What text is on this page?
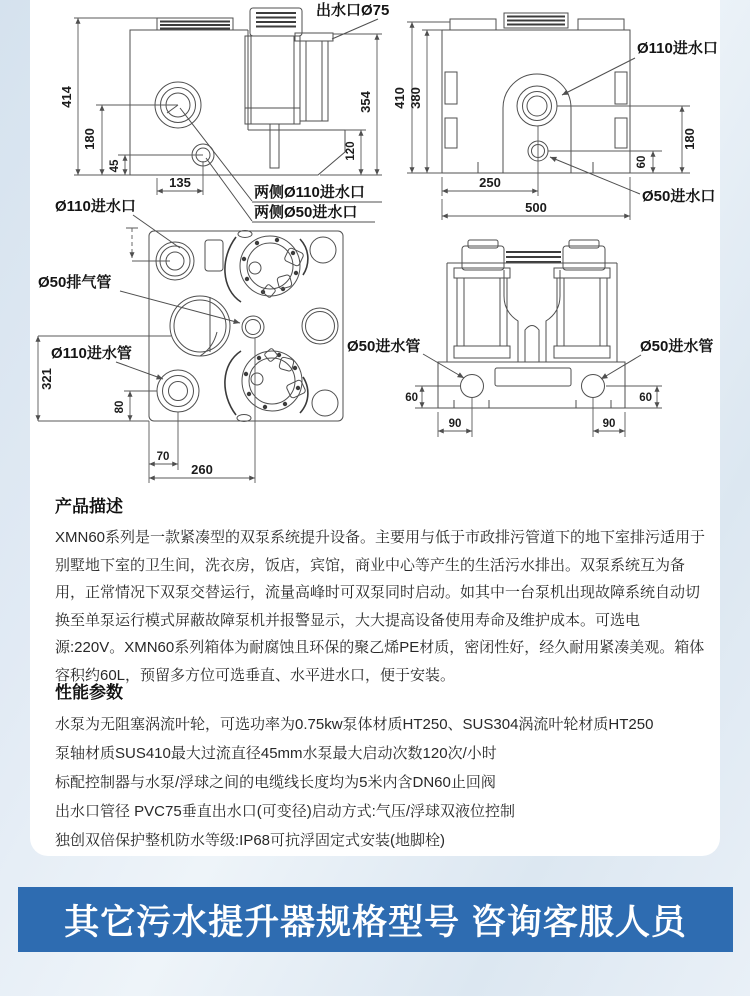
414
180
45
135
354
120
出水口Ø75
两侧Ø110进水口
两侧Ø50进水口
Ø110进水口
410 380
180
60
250
500
Ø110进水口
Ø50进水口
321
80
70
260
Ø50排气管
Ø110进水管
60
90
60
90
Ø50进水管	Ø50进水管
产品描述

XMN60系列是一款紧凑型的双泵系统提升设备。主要用与低于市政排污管道下的地下室排污适用于别墅地下室的卫生间，洗衣房，饭店，宾馆，商业中心等产生的生活污水排出。双泵系统互为备用，正常情况下双泵交替运行，流量高峰时可双泵同时启动。如其中一台泵机出现故障系统自动切换至单泵运行模式屏蔽故障泵机并报警显示，大大提高设备使用寿命及维护成本。可选电源:220V。XMN60系列箱体为耐腐蚀且环保的聚乙烯PE材质，密闭性好，经久耐用紧凑美观。箱体容积约60L，预留多方位可选垂直、水平进水口，便于安装。

性能参数
水泵为无阻塞涡流叶轮，可选功率为0.75kw泵体材质HT250、SUS304涡流叶轮材质HT250
泵轴材质SUS410最大过流直径45mm水泵最大启动次数120次/小时
标配控制器与水泵/浮球之间的电缆线长度均为5米内含DN60止回阀
出水口管径 PVC75垂直出水口(可变径)启动方式:气压/浮球双液位控制
独创双倍保护整机防水等级:IP68可抗浮固定式安装(地脚栓)
其它污水提升器规格型号 咨询客服人员
